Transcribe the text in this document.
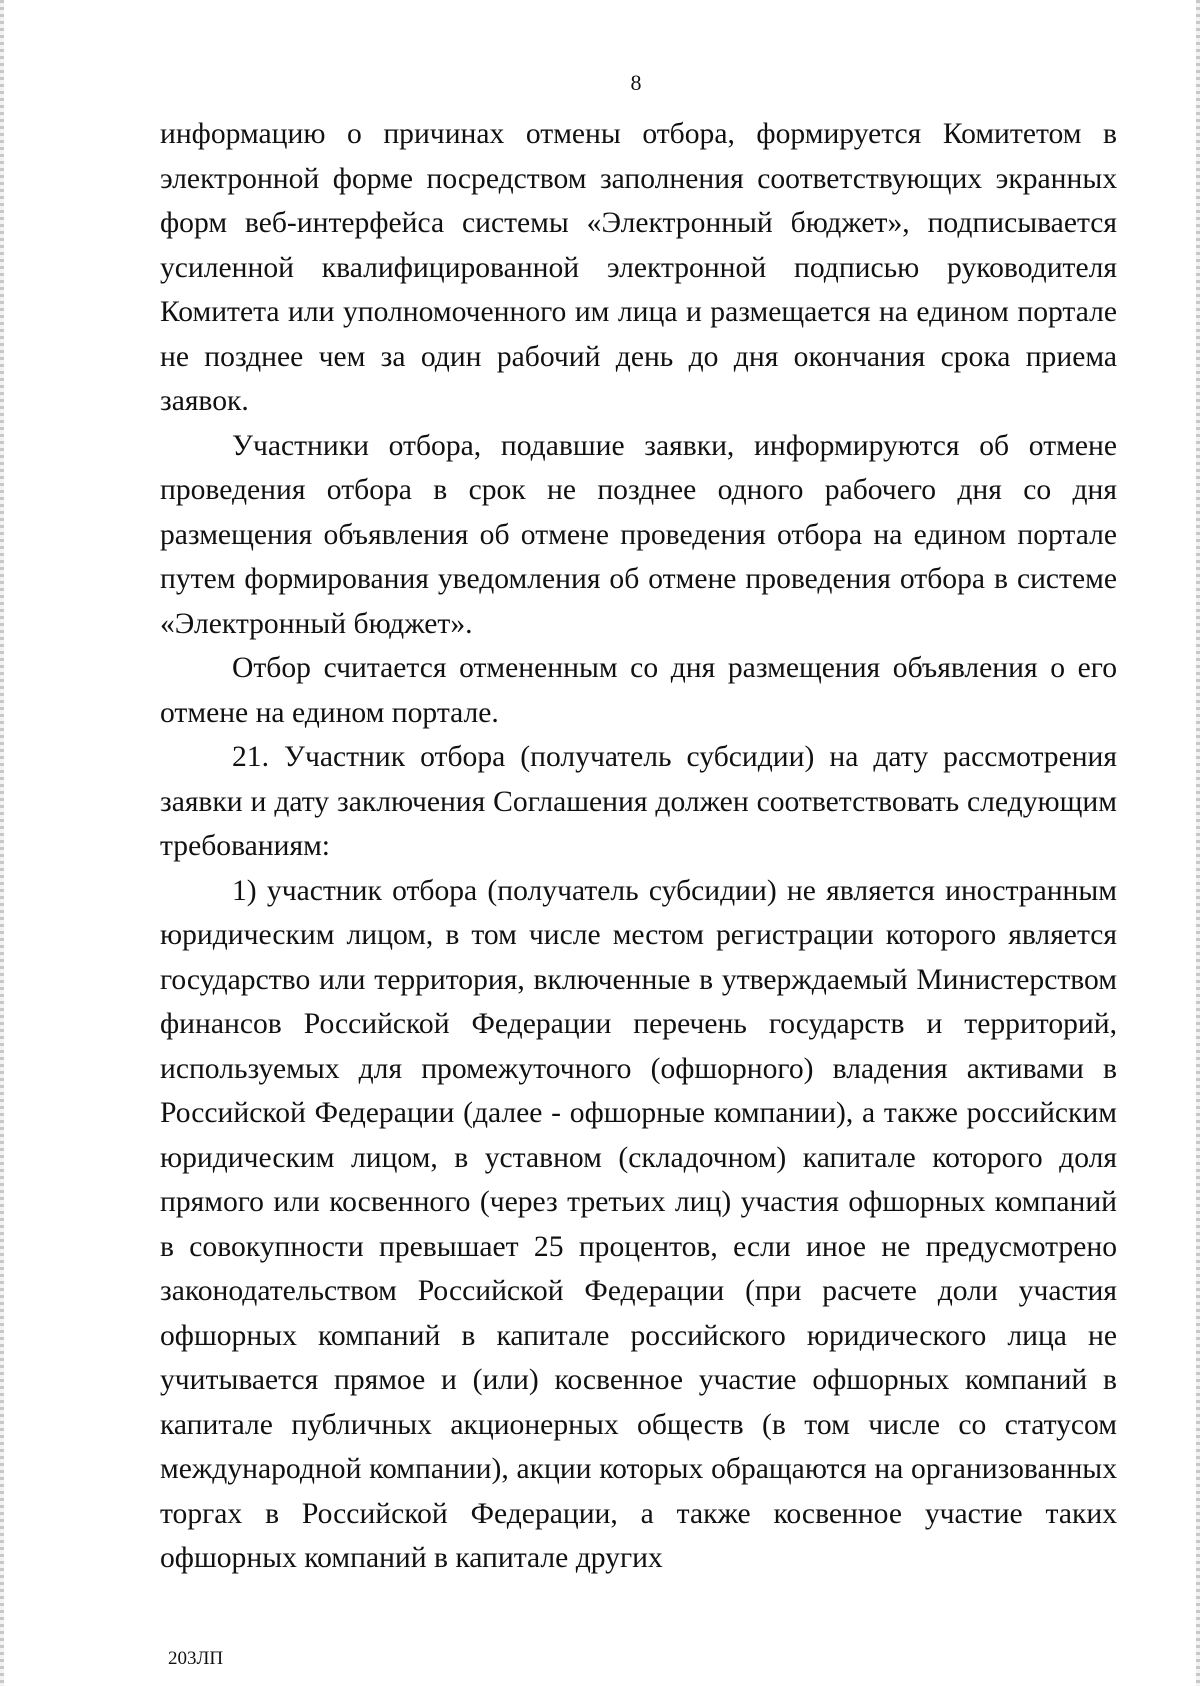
8

информацию о причинах отмены отбора, формируется Комитетом в электронной форме посредством заполнения соответствующих экранных форм веб-интерфейса системы «Электронный бюджет», подписывается усиленной квалифицированной электронной подписью руководителя Комитета или уполномоченного им лица и размещается на едином портале не позднее чем за один рабочий день до дня окончания срока приема заявок.

Участники отбора, подавшие заявки, информируются об отмене проведения отбора в срок не позднее одного рабочего дня со дня размещения объявления об отмене проведения отбора на едином портале путем формирования уведомления об отмене проведения отбора в системе «Электронный бюджет».

Отбор считается отмененным со дня размещения объявления о его отмене на едином портале.

21. Участник отбора (получатель субсидии) на дату рассмотрения заявки и дату заключения Соглашения должен соответствовать следующим требованиям:

1) участник отбора (получатель субсидии) не является иностранным юридическим лицом, в том числе местом регистрации которого является государство или территория, включенные в утверждаемый Министерством финансов Российской Федерации перечень государств и территорий, используемых для промежуточного (офшорного) владения активами в Российской Федерации (далее - офшорные компании), а также российским юридическим лицом, в уставном (складочном) капитале которого доля прямого или косвенного (через третьих лиц) участия офшорных компаний в совокупности превышает 25 процентов, если иное не предусмотрено законодательством Российской Федерации (при расчете доли участия офшорных компаний в капитале российского юридического лица не учитывается прямое и (или) косвенное участие офшорных компаний в капитале публичных акционерных обществ (в том числе со статусом международной компании), акции которых обращаются на организованных торгах в Российской Федерации, а также косвенное участие таких офшорных компаний в капитале других

203ЛП
